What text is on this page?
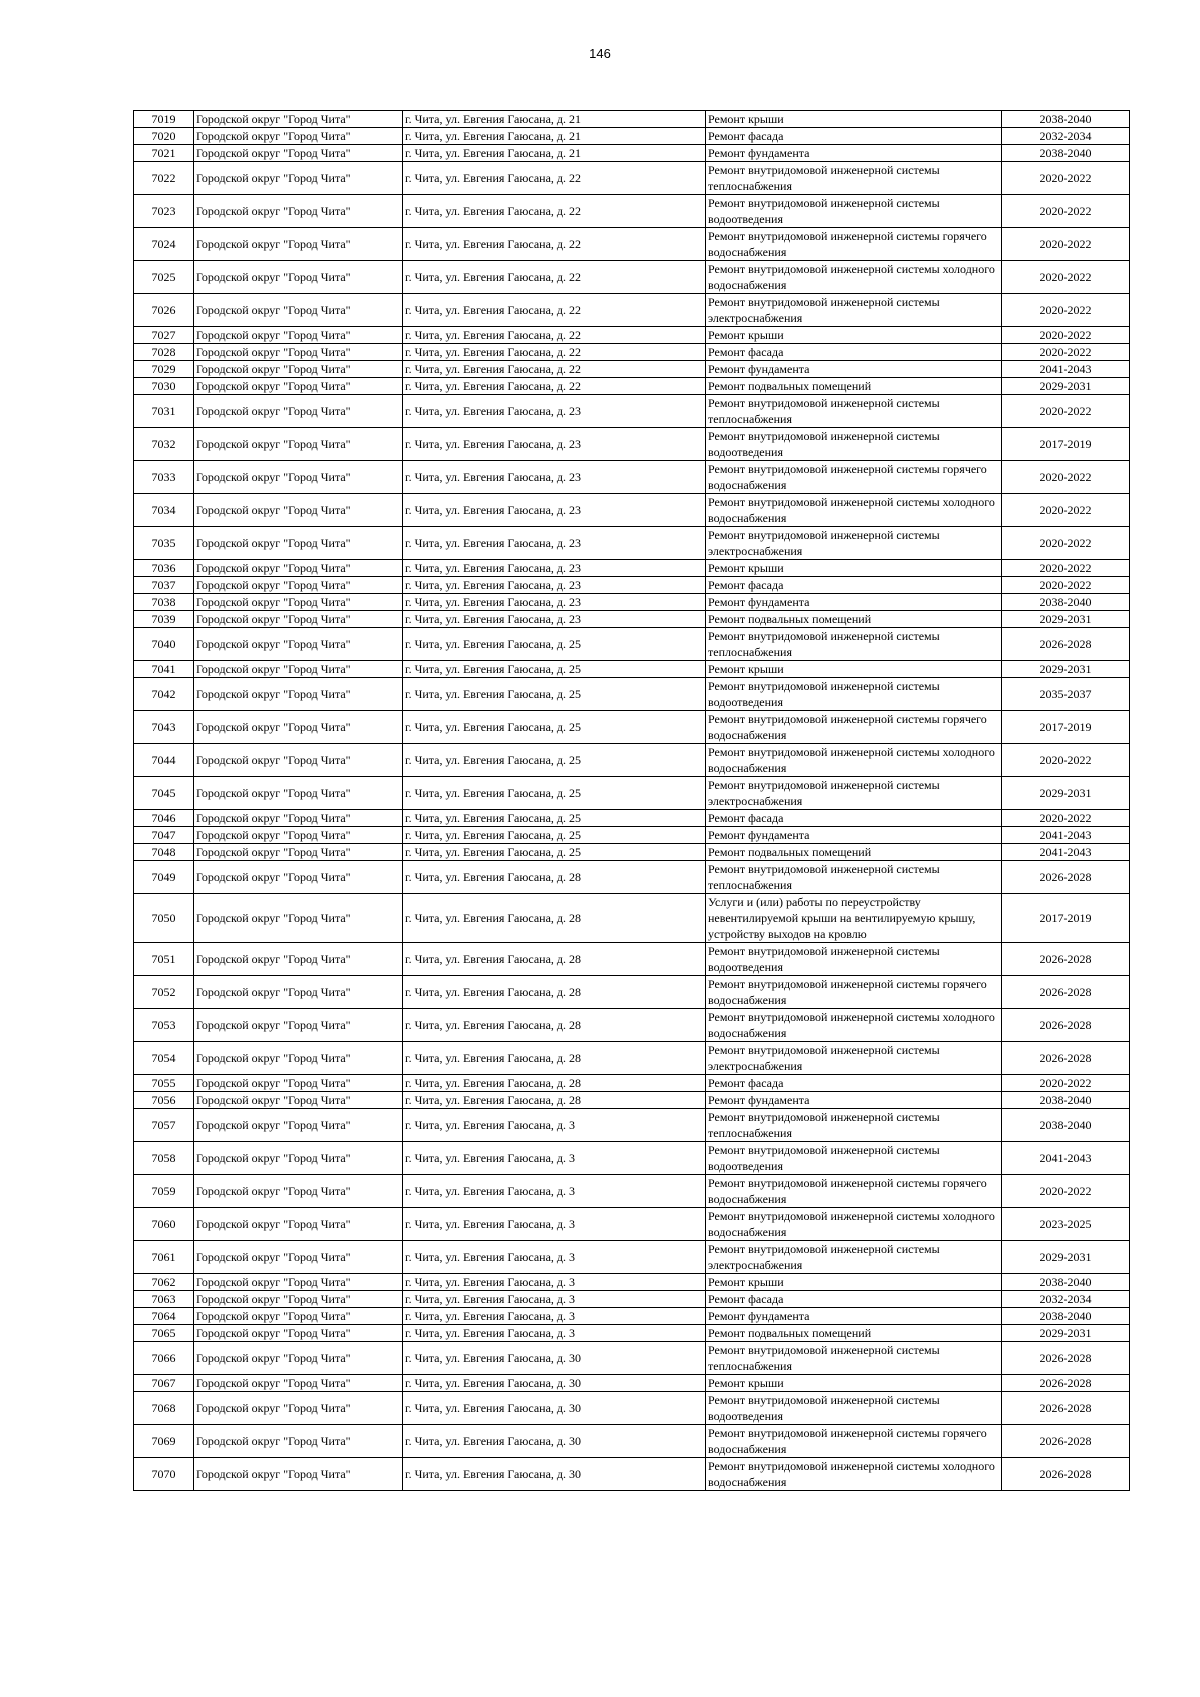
146
7019	Городской округ "Город Чита"	г. Чита, ул. Евгения Гаюсана, д. 21	Ремонт крыши	2038-2040
7020	Городской округ "Город Чита"	г. Чита, ул. Евгения Гаюсана, д. 21	Ремонт фасада	2032-2034
7021	Городской округ "Город Чита"	г. Чита, ул. Евгения Гаюсана, д. 21	Ремонт фундамента	2038-2040
7022	Городской округ "Город Чита"	г. Чита, ул. Евгения Гаюсана, д. 22	Ремонт внутридомовой инженерной системы теплоснабжения	2020-2022
7023	Городской округ "Город Чита"	г. Чита, ул. Евгения Гаюсана, д. 22	Ремонт внутридомовой инженерной системы водоотведения	2020-2022
7024	Городской округ "Город Чита"	г. Чита, ул. Евгения Гаюсана, д. 22	Ремонт внутридомовой инженерной системы горячего водоснабжения	2020-2022
7025	Городской округ "Город Чита"	г. Чита, ул. Евгения Гаюсана, д. 22	Ремонт внутридомовой инженерной системы холодного водоснабжения	2020-2022
7026	Городской округ "Город Чита"	г. Чита, ул. Евгения Гаюсана, д. 22	Ремонт внутридомовой инженерной системы электроснабжения	2020-2022
7027	Городской округ "Город Чита"	г. Чита, ул. Евгения Гаюсана, д. 22	Ремонт крыши	2020-2022
7028	Городской округ "Город Чита"	г. Чита, ул. Евгения Гаюсана, д. 22	Ремонт фасада	2020-2022
7029	Городской округ "Город Чита"	г. Чита, ул. Евгения Гаюсана, д. 22	Ремонт фундамента	2041-2043
7030	Городской округ "Город Чита"	г. Чита, ул. Евгения Гаюсана, д. 22	Ремонт подвальных помещений	2029-2031
7031	Городской округ "Город Чита"	г. Чита, ул. Евгения Гаюсана, д. 23	Ремонт внутридомовой инженерной системы теплоснабжения	2020-2022
7032	Городской округ "Город Чита"	г. Чита, ул. Евгения Гаюсана, д. 23	Ремонт внутридомовой инженерной системы водоотведения	2017-2019
7033	Городской округ "Город Чита"	г. Чита, ул. Евгения Гаюсана, д. 23	Ремонт внутридомовой инженерной системы горячего водоснабжения	2020-2022
7034	Городской округ "Город Чита"	г. Чита, ул. Евгения Гаюсана, д. 23	Ремонт внутридомовой инженерной системы холодного водоснабжения	2020-2022
7035	Городской округ "Город Чита"	г. Чита, ул. Евгения Гаюсана, д. 23	Ремонт внутридомовой инженерной системы электроснабжения	2020-2022
7036	Городской округ "Город Чита"	г. Чита, ул. Евгения Гаюсана, д. 23	Ремонт крыши	2020-2022
7037	Городской округ "Город Чита"	г. Чита, ул. Евгения Гаюсана, д. 23	Ремонт фасада	2020-2022
7038	Городской округ "Город Чита"	г. Чита, ул. Евгения Гаюсана, д. 23	Ремонт фундамента	2038-2040
7039	Городской округ "Город Чита"	г. Чита, ул. Евгения Гаюсана, д. 23	Ремонт подвальных помещений	2029-2031
7040	Городской округ "Город Чита"	г. Чита, ул. Евгения Гаюсана, д. 25	Ремонт внутридомовой инженерной системы теплоснабжения	2026-2028
7041	Городской округ "Город Чита"	г. Чита, ул. Евгения Гаюсана, д. 25	Ремонт крыши	2029-2031
7042	Городской округ "Город Чита"	г. Чита, ул. Евгения Гаюсана, д. 25	Ремонт внутридомовой инженерной системы водоотведения	2035-2037
7043	Городской округ "Город Чита"	г. Чита, ул. Евгения Гаюсана, д. 25	Ремонт внутридомовой инженерной системы горячего водоснабжения	2017-2019
7044	Городской округ "Город Чита"	г. Чита, ул. Евгения Гаюсана, д. 25	Ремонт внутридомовой инженерной системы холодного водоснабжения	2020-2022
7045	Городской округ "Город Чита"	г. Чита, ул. Евгения Гаюсана, д. 25	Ремонт внутридомовой инженерной системы электроснабжения	2029-2031
7046	Городской округ "Город Чита"	г. Чита, ул. Евгения Гаюсана, д. 25	Ремонт фасада	2020-2022
7047	Городской округ "Город Чита"	г. Чита, ул. Евгения Гаюсана, д. 25	Ремонт фундамента	2041-2043
7048	Городской округ "Город Чита"	г. Чита, ул. Евгения Гаюсана, д. 25	Ремонт подвальных помещений	2041-2043
7049	Городской округ "Город Чита"	г. Чита, ул. Евгения Гаюсана, д. 28	Ремонт внутридомовой инженерной системы теплоснабжения	2026-2028
7050	Городской округ "Город Чита"	г. Чита, ул. Евгения Гаюсана, д. 28	Услуги и (или) работы по переустройству невентилируемой крыши на вентилируемую крышу, устройству выходов на кровлю	2017-2019
7051	Городской округ "Город Чита"	г. Чита, ул. Евгения Гаюсана, д. 28	Ремонт внутридомовой инженерной системы водоотведения	2026-2028
7052	Городской округ "Город Чита"	г. Чита, ул. Евгения Гаюсана, д. 28	Ремонт внутридомовой инженерной системы горячего водоснабжения	2026-2028
7053	Городской округ "Город Чита"	г. Чита, ул. Евгения Гаюсана, д. 28	Ремонт внутридомовой инженерной системы холодного водоснабжения	2026-2028
7054	Городской округ "Город Чита"	г. Чита, ул. Евгения Гаюсана, д. 28	Ремонт внутридомовой инженерной системы электроснабжения	2026-2028
7055	Городской округ "Город Чита"	г. Чита, ул. Евгения Гаюсана, д. 28	Ремонт фасада	2020-2022
7056	Городской округ "Город Чита"	г. Чита, ул. Евгения Гаюсана, д. 28	Ремонт фундамента	2038-2040
7057	Городской округ "Город Чита"	г. Чита, ул. Евгения Гаюсана, д. 3	Ремонт внутридомовой инженерной системы теплоснабжения	2038-2040
7058	Городской округ "Город Чита"	г. Чита, ул. Евгения Гаюсана, д. 3	Ремонт внутридомовой инженерной системы водоотведения	2041-2043
7059	Городской округ "Город Чита"	г. Чита, ул. Евгения Гаюсана, д. 3	Ремонт внутридомовой инженерной системы горячего водоснабжения	2020-2022
7060	Городской округ "Город Чита"	г. Чита, ул. Евгения Гаюсана, д. 3	Ремонт внутридомовой инженерной системы холодного водоснабжения	2023-2025
7061	Городской округ "Город Чита"	г. Чита, ул. Евгения Гаюсана, д. 3	Ремонт внутридомовой инженерной системы электроснабжения	2029-2031
7062	Городской округ "Город Чита"	г. Чита, ул. Евгения Гаюсана, д. 3	Ремонт крыши	2038-2040
7063	Городской округ "Город Чита"	г. Чита, ул. Евгения Гаюсана, д. 3	Ремонт фасада	2032-2034
7064	Городской округ "Город Чита"	г. Чита, ул. Евгения Гаюсана, д. 3	Ремонт фундамента	2038-2040
7065	Городской округ "Город Чита"	г. Чита, ул. Евгения Гаюсана, д. 3	Ремонт подвальных помещений	2029-2031
7066	Городской округ "Город Чита"	г. Чита, ул. Евгения Гаюсана, д. 30	Ремонт внутридомовой инженерной системы теплоснабжения	2026-2028
7067	Городской округ "Город Чита"	г. Чита, ул. Евгения Гаюсана, д. 30	Ремонт крыши	2026-2028
7068	Городской округ "Город Чита"	г. Чита, ул. Евгения Гаюсана, д. 30	Ремонт внутридомовой инженерной системы водоотведения	2026-2028
7069	Городской округ "Город Чита"	г. Чита, ул. Евгения Гаюсана, д. 30	Ремонт внутридомовой инженерной системы горячего водоснабжения	2026-2028
7070	Городской округ "Город Чита"	г. Чита, ул. Евгения Гаюсана, д. 30	Ремонт внутридомовой инженерной системы холодного водоснабжения	2026-2028
